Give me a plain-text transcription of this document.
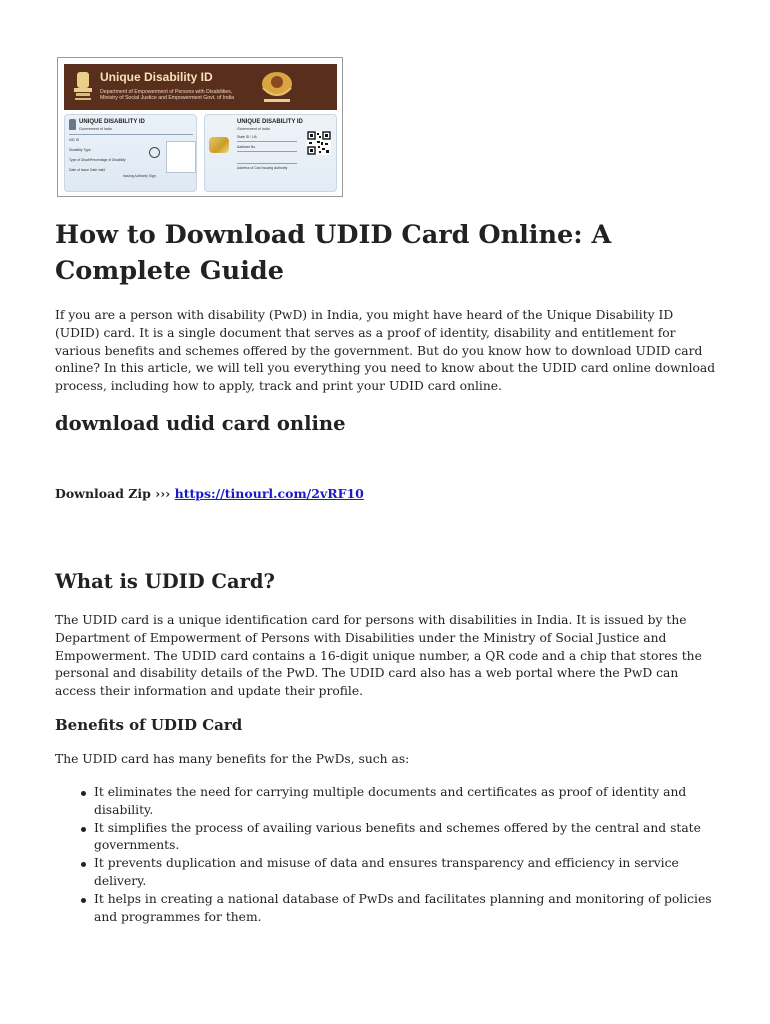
Unique Disability ID
Department of Empowerment of Persons with Disabilities,
Ministry of Social Justice and Empowerment Govt. of India
UNIQUE DISABILITY ID
Government of India
UID ID
Disability Type
Type of Disab. Percentage of Disability
Date of Issue Date valid
Issuing Authority Sign.
UNIQUE DISABILITY ID
Government of India
State ID / UA
Aadhaar No.
Address of Card Issuing Authority
How to Download UDID Card Online: A Complete Guide

If you are a person with disability (PwD) in India, you might have heard of the Unique Disability ID (UDID) card. It is a single document that serves as a proof of identity, disability and entitlement for various benefits and schemes offered by the government. But do you know how to download UDID card online? In this article, we will tell you everything you need to know about the UDID card online download process, including how to apply, track and print your UDID card online.

download udid card online
Download Zip ››› https://tinourl.com/2vRF10
What is UDID Card?

The UDID card is a unique identification card for persons with disabilities in India. It is issued by the Department of Empowerment of Persons with Disabilities under the Ministry of Social Justice and Empowerment. The UDID card contains a 16-digit unique number, a QR code and a chip that stores the personal and disability details of the PwD. The UDID card also has a web portal where the PwD can access their information and update their profile.

Benefits of UDID Card

The UDID card has many benefits for the PwDs, such as:

It eliminates the need for carrying multiple documents and certificates as proof of identity and disability.
It simplifies the process of availing various benefits and schemes offered by the central and state governments.
It prevents duplication and misuse of data and ensures transparency and efficiency in service delivery.
It helps in creating a national database of PwDs and facilitates planning and monitoring of policies and programmes for them.
